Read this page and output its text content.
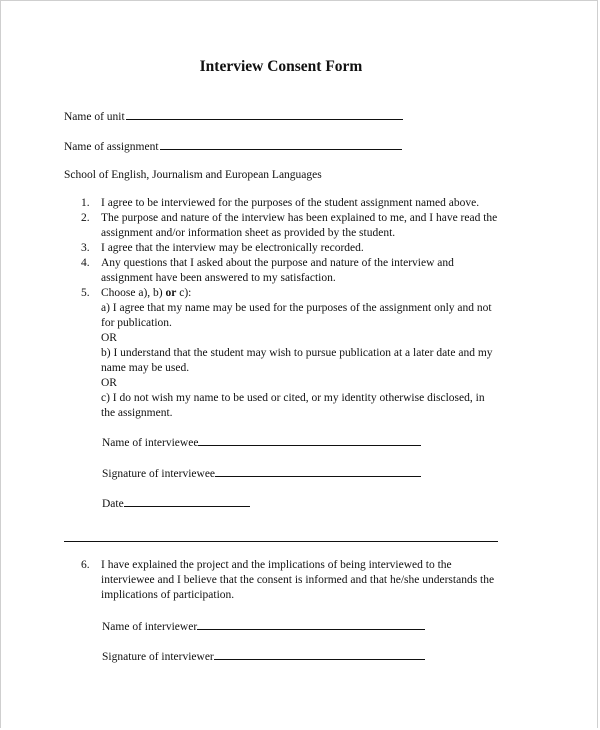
Interview Consent Form
Name of unit
Name of assignment
School of English, Journalism and European Languages
1. I agree to be interviewed for the purposes of the student assignment named above.
2. The purpose and nature of the interview has been explained to me, and I have read the assignment and/or information sheet as provided by the student.
3. I agree that the interview may be electronically recorded.
4. Any questions that I asked about the purpose and nature of the interview and assignment have been answered to my satisfaction.
5. Choose a), b) or c):
a) I agree that my name may be used for the purposes of the assignment only and not for publication.
OR
b) I understand that the student may wish to pursue publication at a later date and my name may be used.
OR
c) I do not wish my name to be used or cited, or my identity otherwise disclosed, in the assignment.
Name of interviewee
Signature of interviewee
Date
6. I have explained the project and the implications of being interviewed to the interviewee and I believe that the consent is informed and that he/she understands the implications of participation.
Name of interviewer
Signature of interviewer
